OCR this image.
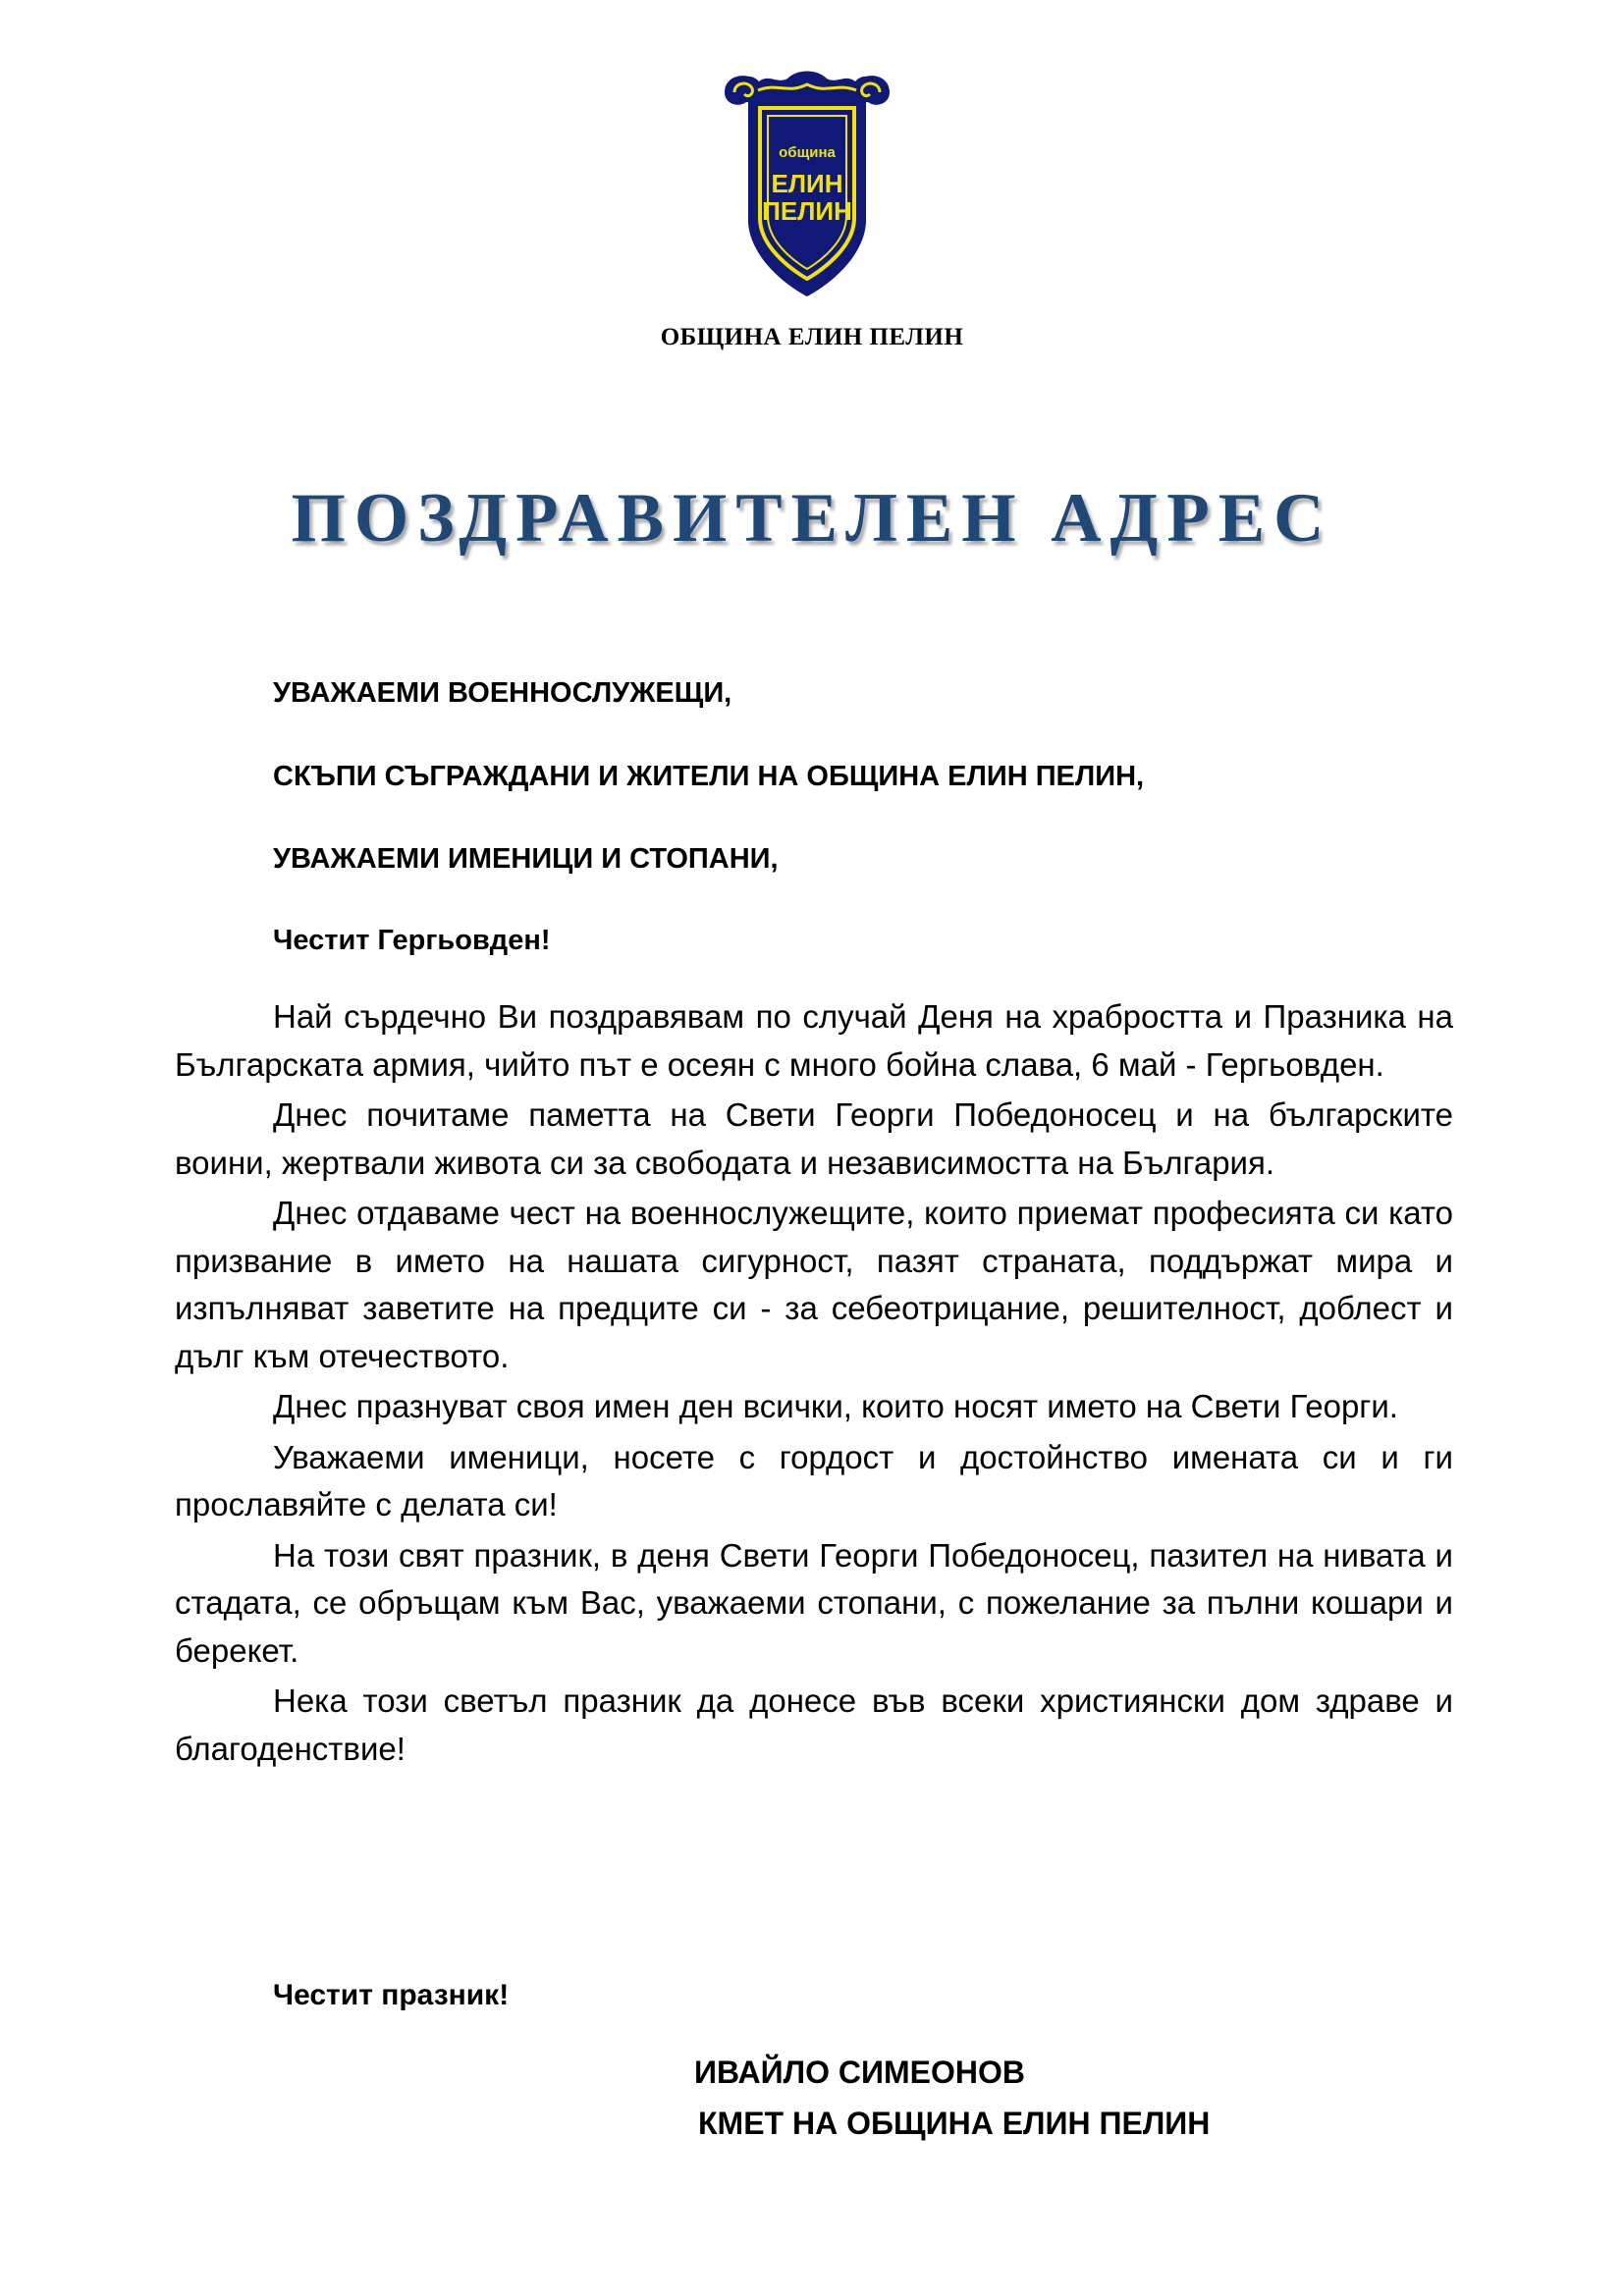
община
ЕЛИН
ПЕЛИН
ОБЩИНА ЕЛИН ПЕЛИН
ПОЗДРАВИТЕЛЕН АДРЕС

УВАЖАЕМИ ВОЕННОСЛУЖЕЩИ,

СКЪПИ СЪГРАЖДАНИ И ЖИТЕЛИ НА ОБЩИНА ЕЛИН ПЕЛИН,

УВАЖАЕМИ ИМЕНИЦИ И СТОПАНИ,

Честит Гергьовден!

Най сърдечно Ви поздравявам по случай Деня на храбростта и Празника на Българската армия, чийто път е осеян с много бойна слава, 6 май - Гергьовден.

Днес почитаме паметта на Свети Георги Победоносец и на българските воини, жертвали живота си за свободата и независимостта на България.

Днес отдаваме чест на военнослужещите, които приемат професията си като призвание в името на нашата сигурност, пазят страната, поддържат мира и изпълняват заветите на предците си - за себеотрицание, решителност, доблест и дълг към отечеството.

Днес празнуват своя имен ден всички, които носят името на Свети Георги.

Уважаеми именици, носете с гордост и достойнство имената си и ги прославяйте с делата си!

На този свят празник, в деня Свети Георги Победоносец, пазител на нивата и стадата, се обръщам към Вас, уважаеми стопани, с пожелание за пълни кошари и берекет.

Нека този светъл празник да донесе във всеки християнски дом здраве и благоденствие!

Честит празник!
ИВАЙЛО СИМЕОНОВ
КМЕТ НА ОБЩИНА ЕЛИН ПЕЛИН
